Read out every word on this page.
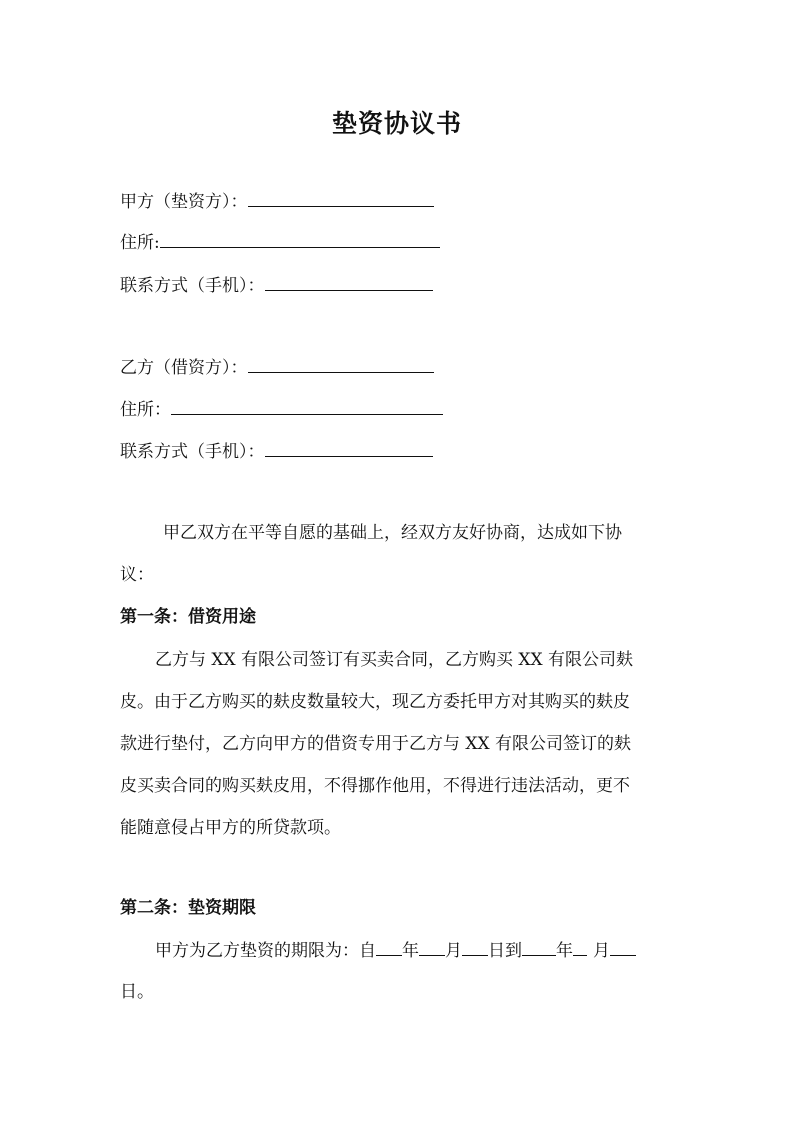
垫资协议书
甲方（垫资方）：
住所:
联系方式（手机）：
乙方（借资方）：
住所：
联系方式（手机）：
甲乙双方在平等自愿的基础上，经双方友好协商，达成如下协
议：
第一条：借资用途
乙方与 XX 有限公司签订有买卖合同，乙方购买 XX 有限公司麸
皮。由于乙方购买的麸皮数量较大，现乙方委托甲方对其购买的麸皮
款进行垫付，乙方向甲方的借资专用于乙方与 XX 有限公司签订的麸
皮买卖合同的购买麸皮用，不得挪作他用，不得进行违法活动，更不
能随意侵占甲方的所贷款项。
第二条：垫资期限
甲方为乙方垫资的期限为：自 年 月 日到 年 月
日。
